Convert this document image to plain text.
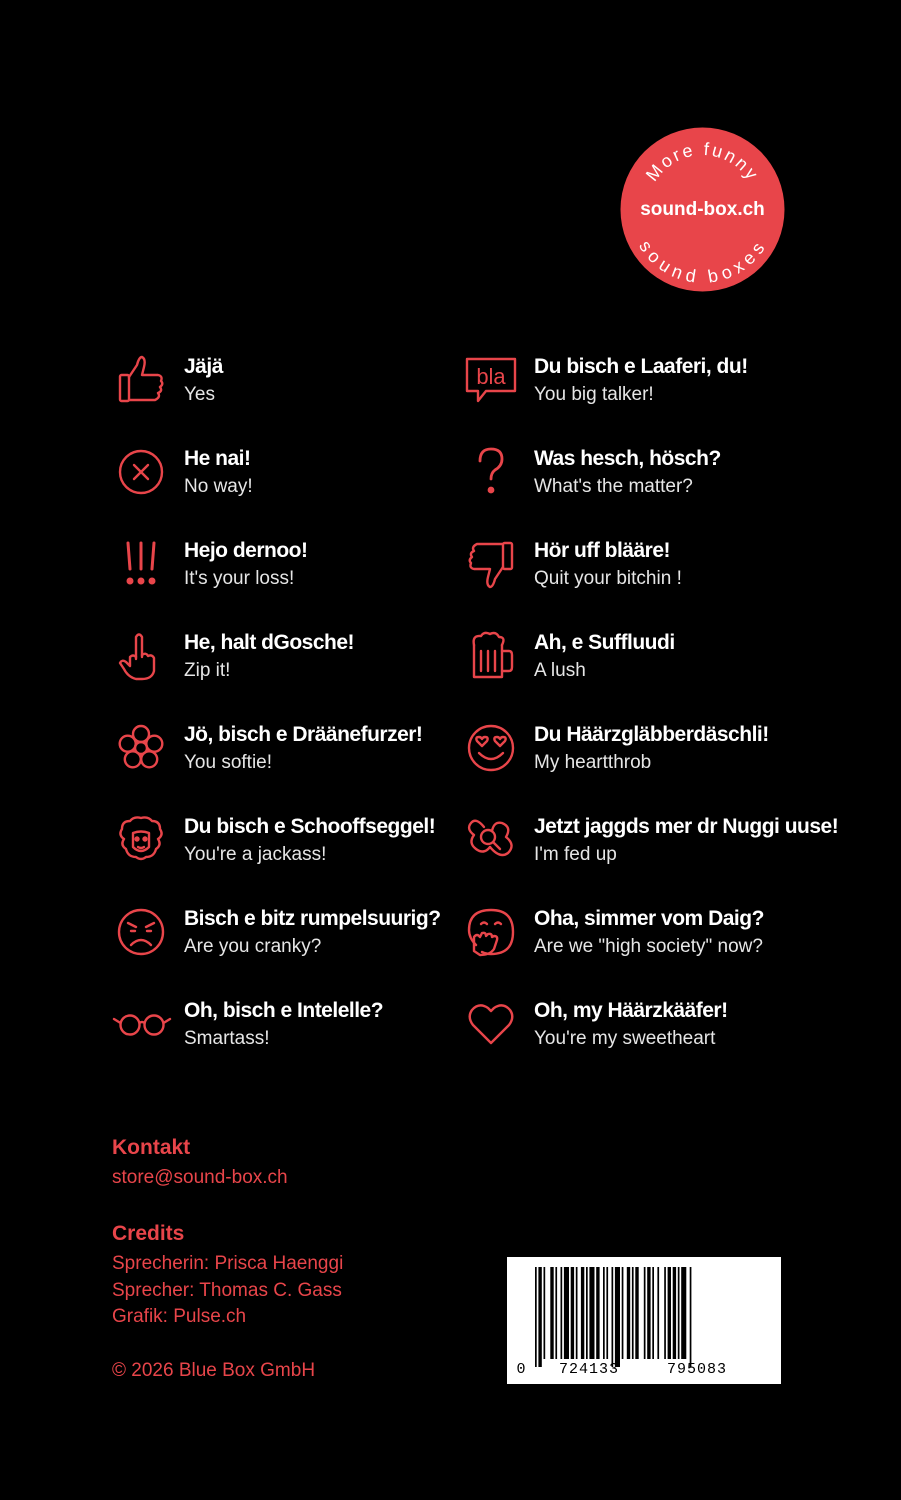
More funny
sound-box.ch
sound boxes
Jäjä
Yes
bla Du bisch e Laaferi, du!
You big talker!
He nai!
No way!
Was hesch, hösch?
What's the matter?
Hejo dernoo!
It's your loss!
Hör uff blääre!
Quit your bitchin !
He, halt dGosche!
Zip it!
Ah, e Suffluudi
A lush
Jö, bisch e Dräänefurzer!
You softie!
Du Häärzgläbberdäschli!
My heartthrob
Du bisch e Schooffseggel!
You're a jackass!
Jetzt jaggds mer dr Nuggi uuse!
I'm fed up
Bisch e bitz rumpelsuurig?
Are you cranky?
Oha, simmer vom Daig?
Are we "high society" now?
Oh, bisch e Intelelle?
Smartass!
Oh, my Häärzkääfer!
You're my sweetheart
Kontakt
store@sound-box.ch
Credits
Sprecherin: Prisca Haenggi
Sprecher: Thomas C. Gass
Grafik: Pulse.ch
© 2026 Blue Box GmbH	0 724133	795083
